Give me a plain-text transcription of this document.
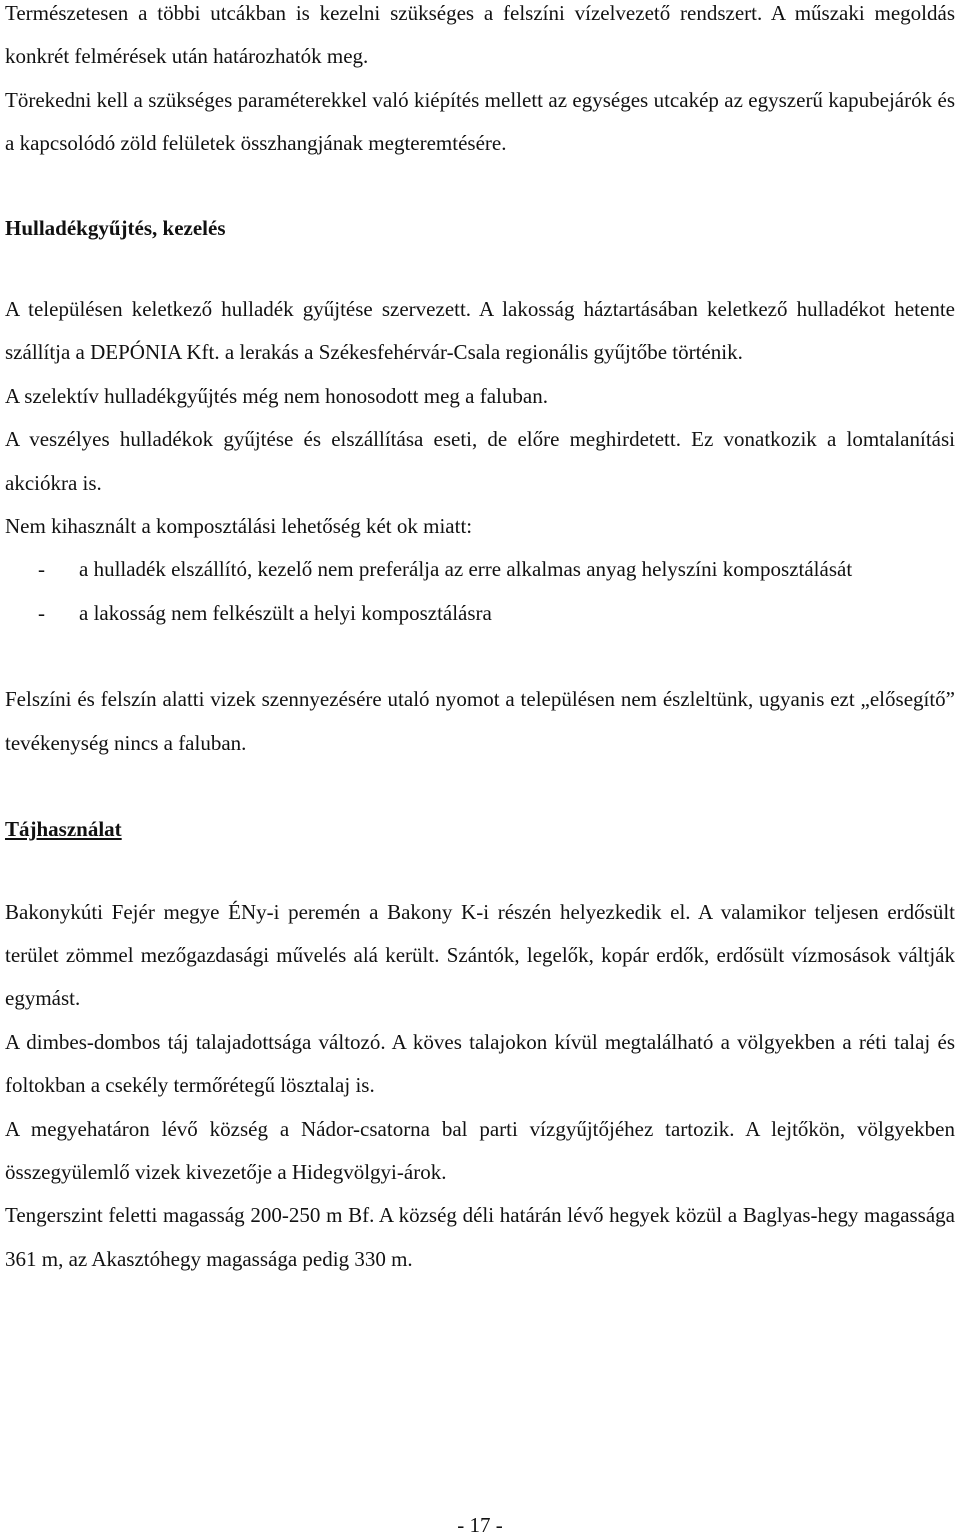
Természetesen a többi utcákban is kezelni szükséges a felszíni vízelvezető rendszert. A műszaki megoldás konkrét felmérések után határozhatók meg.

Törekedni kell a szükséges paraméterekkel való kiépítés mellett az egységes utcakép az egyszerű kapubejárók és a kapcsolódó zöld felületek összhangjának megteremtésére.

Hulladékgyűjtés, kezelés

A településen keletkező hulladék gyűjtése szervezett. A lakosság háztartásában keletkező hulladékot hetente szállítja a DEPÓNIA Kft. a lerakás a Székesfehérvár-Csala regionális gyűjtőbe történik.

A szelektív hulladékgyűjtés még nem honosodott meg a faluban.

A veszélyes hulladékok gyűjtése és elszállítása eseti, de előre meghirdetett. Ez vonatkozik a lomtalanítási akciókra is.

Nem kihasznált a komposztálási lehetőség két ok miatt:

- a hulladék elszállító, kezelő nem preferálja az erre alkalmas anyag helyszíni komposztálását
- a lakosság nem felkészült a helyi komposztálásra

Felszíni és felszín alatti vizek szennyezésére utaló nyomot a településen nem észleltünk, ugyanis ezt „elősegítő” tevékenység nincs a faluban.

Tájhasználat

Bakonykúti Fejér megye ÉNy-i peremén a Bakony K-i részén helyezkedik el. A valamikor teljesen erdősült terület zömmel mezőgazdasági művelés alá került. Szántók, legelők, kopár erdők, erdősült vízmosások váltják egymást.

A dimbes-dombos táj talajadottsága változó. A köves talajokon kívül megtalálható a völgyekben a réti talaj és foltokban a csekély termőrétegű lösztalaj is.

A megyehatáron lévő község a Nádor-csatorna bal parti vízgyűjtőjéhez tartozik. A lejtőkön, völgyekben összegyülemlő vizek kivezetője a Hidegvölgyi-árok.

Tengerszint feletti magasság 200-250 m Bf. A község déli határán lévő hegyek közül a Baglyas-hegy magassága 361 m, az Akasztóhegy magassága pedig 330 m.

- 17 -
